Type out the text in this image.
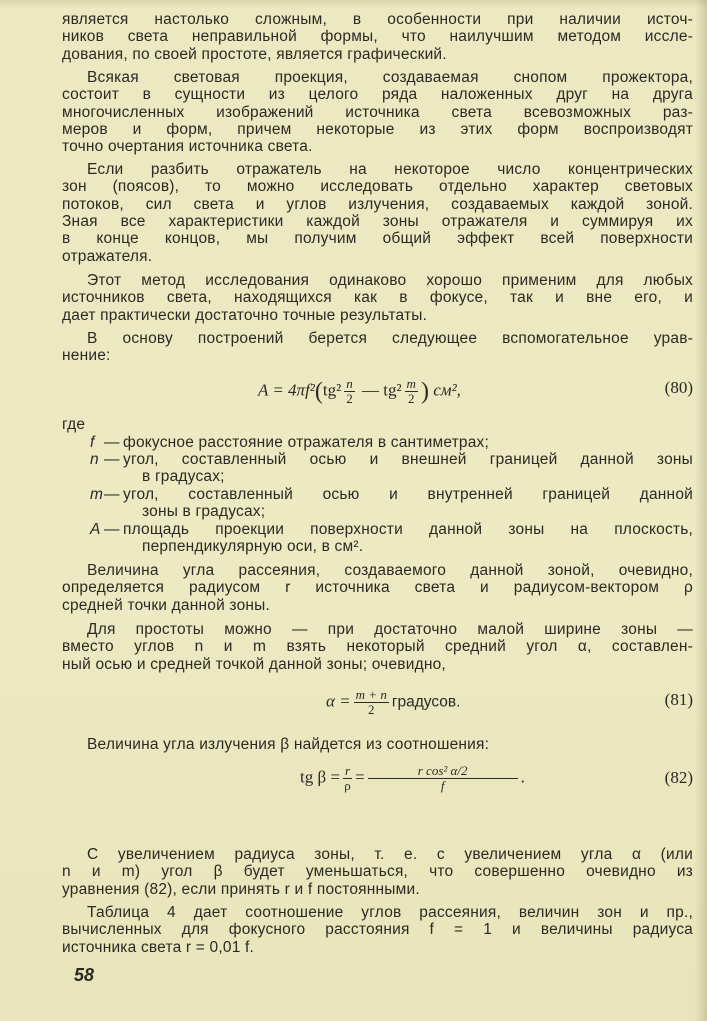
является настолько сложным, в особенности при наличии источ-
ников света неправильной формы, что наилучшим методом иссле-
дования, по своей простоте, является графический.
Всякая световая проекция, создаваемая снопом прожектора,
состоит в сущности из целого ряда наложенных друг на друга
многочисленных изображений источника света всевозможных раз-
меров и форм, причем некоторые из этих форм воспроизводят
точно очертания источника света.
Если разбить отражатель на некоторое число концентрических
зон (поясов), то можно исследовать отдельно характер световых
потоков, сил света и углов излучения, создаваемых каждой зоной.
Зная все характеристики каждой зоны отражателя и суммируя их
в конце концов, мы получим общий эффект всей поверхности
отражателя.
Этот метод исследования одинаково хорошо применим для любых
источников света, находящихся как в фокусе, так и вне его, и
дает практически достаточно точные результаты.
В основу построений берется следующее вспомогательное урав-
нение:
Величина угла рассеяния, создаваемого данной зоной, очевидно,
определяется радиусом r источника света и радиусом-вектором ρ
средней точки данной зоны.
Для простоты можно — при достаточно малой ширине зоны —
вместо углов n и m взять некоторый средний угол α, составлен-
ный осью и средней точкой данной зоны; очевидно,
Величина угла излучения β найдется из соотношения:
С увеличением радиуса зоны, т. е. с увеличением угла α (или
n и m) угол β будет уменьшаться, что совершенно очевидно из
уравнения (82), если принять r и f постоянными.
Таблица 4 дает соотношение углов рассеяния, величин зон и пр.,
вычисленных для фокусного расстояния f = 1 и величины радиуса
источника света r = 0,01 f.
где
f — фокусное расстояние отражателя в сантиметрах;
n — угол, составленный осью и внешней границей данной зоны
в градусах;
m — угол, составленный осью и внутренней границей данной
зоны в градусах;
A — площадь проекции поверхности данной зоны на плоскость,
перпендикулярную оси, в см².
$A = 4\pi f^2(tg^2 \frac{n}{2}$ — $tg^2 \frac{m}{2}$ ) см²,	(80)
$\alpha = \frac{m + n}{2}$ градусов.	(81)
tg $\beta = \frac{r}{\rho} = \frac{\text{r cos² α/2}}{f}$ .	(82)
58
